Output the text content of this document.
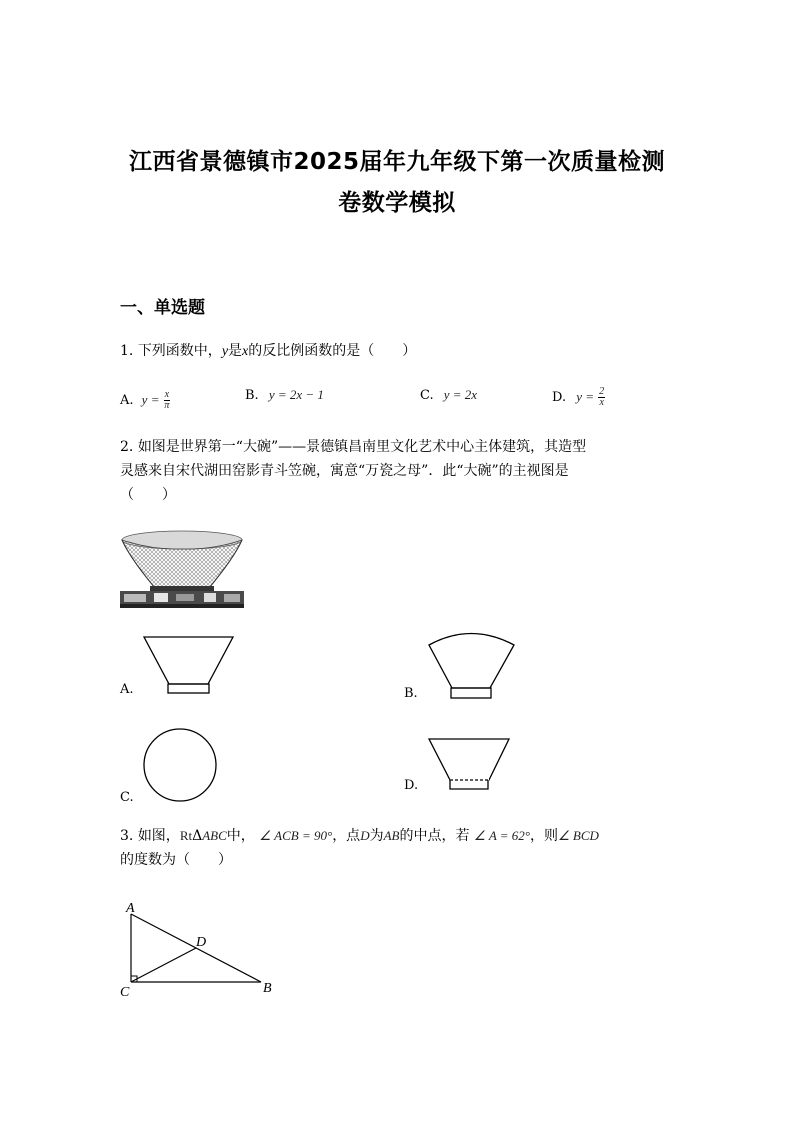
江西省景德镇市2025届年九年级下第一次质量检测
卷数学模拟
一、单选题
1. 下列函数中，y是x的反比例函数的是（　　）
A. $y = \frac{x}{\pi}$	B. y = 2x − 1	C. y = 2x	D. $y = \frac{2}{x}$
2. 如图是世界第一“大碗”——景德镇昌南里文化艺术中心主体建筑，其造型
灵感来自宋代湖田窑影青斗笠碗，寓意“万瓷之母”．此“大碗”的主视图是
（　　）
A.	B.
C.
D.
3. 如图，RtΔABC中， ∠ ACB = 90°，点D为AB的中点，若 ∠ A = 62°，则∠ BCD
的度数为（　　）
A
D
C	B
